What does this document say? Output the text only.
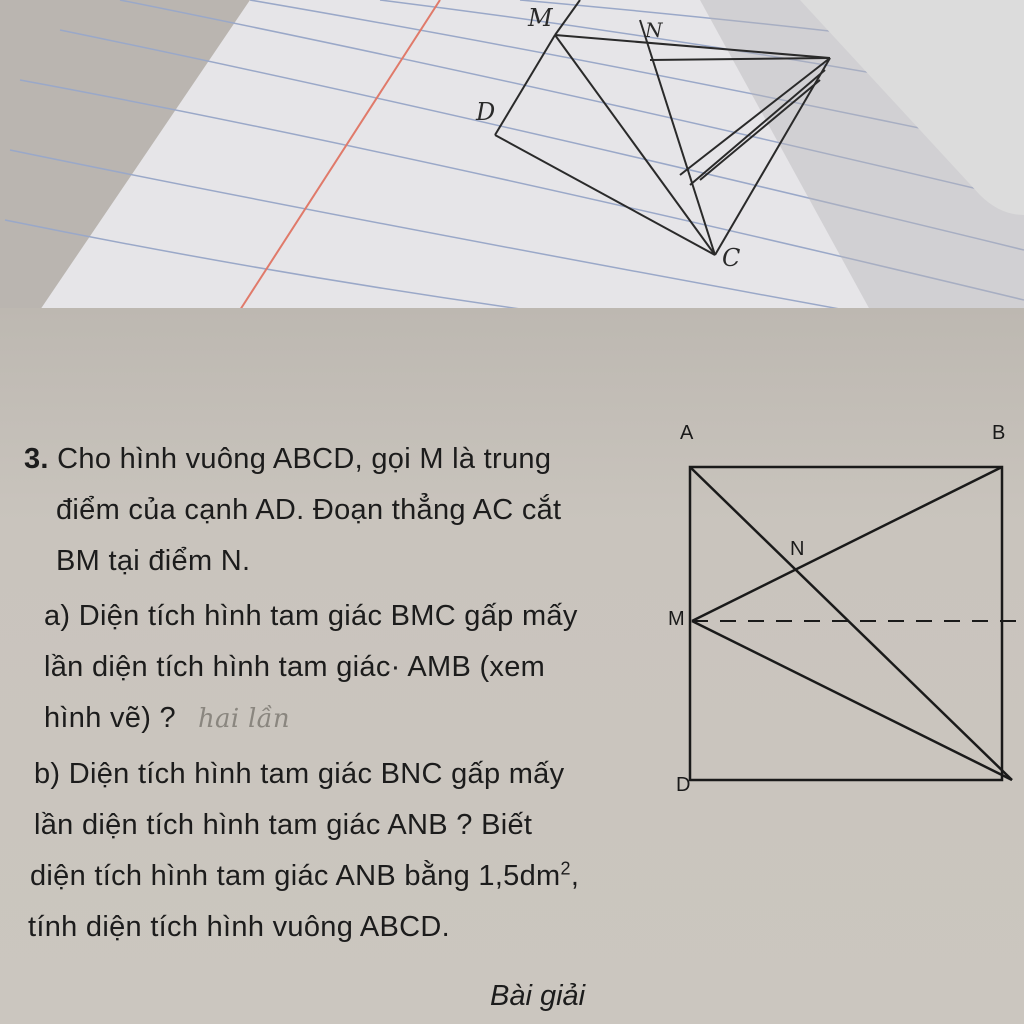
M	N
D
C
3. Cho hình vuông ABCD, gọi M là trung
điểm của cạnh AD. Đoạn thẳng AC cắt
BM tại điểm N.
a) Diện tích hình tam giác BMC gấp mấy
lần diện tích hình tam giác· AMB (xem
hình vẽ) ? hai lần
b) Diện tích hình tam giác BNC gấp mấy
lần diện tích hình tam giác ANB ? Biết
diện tích hình tam giác ANB bằng $1,5dm^2$,
tính diện tích hình vuông ABCD.
Bài giải
A	B
M
N
D
